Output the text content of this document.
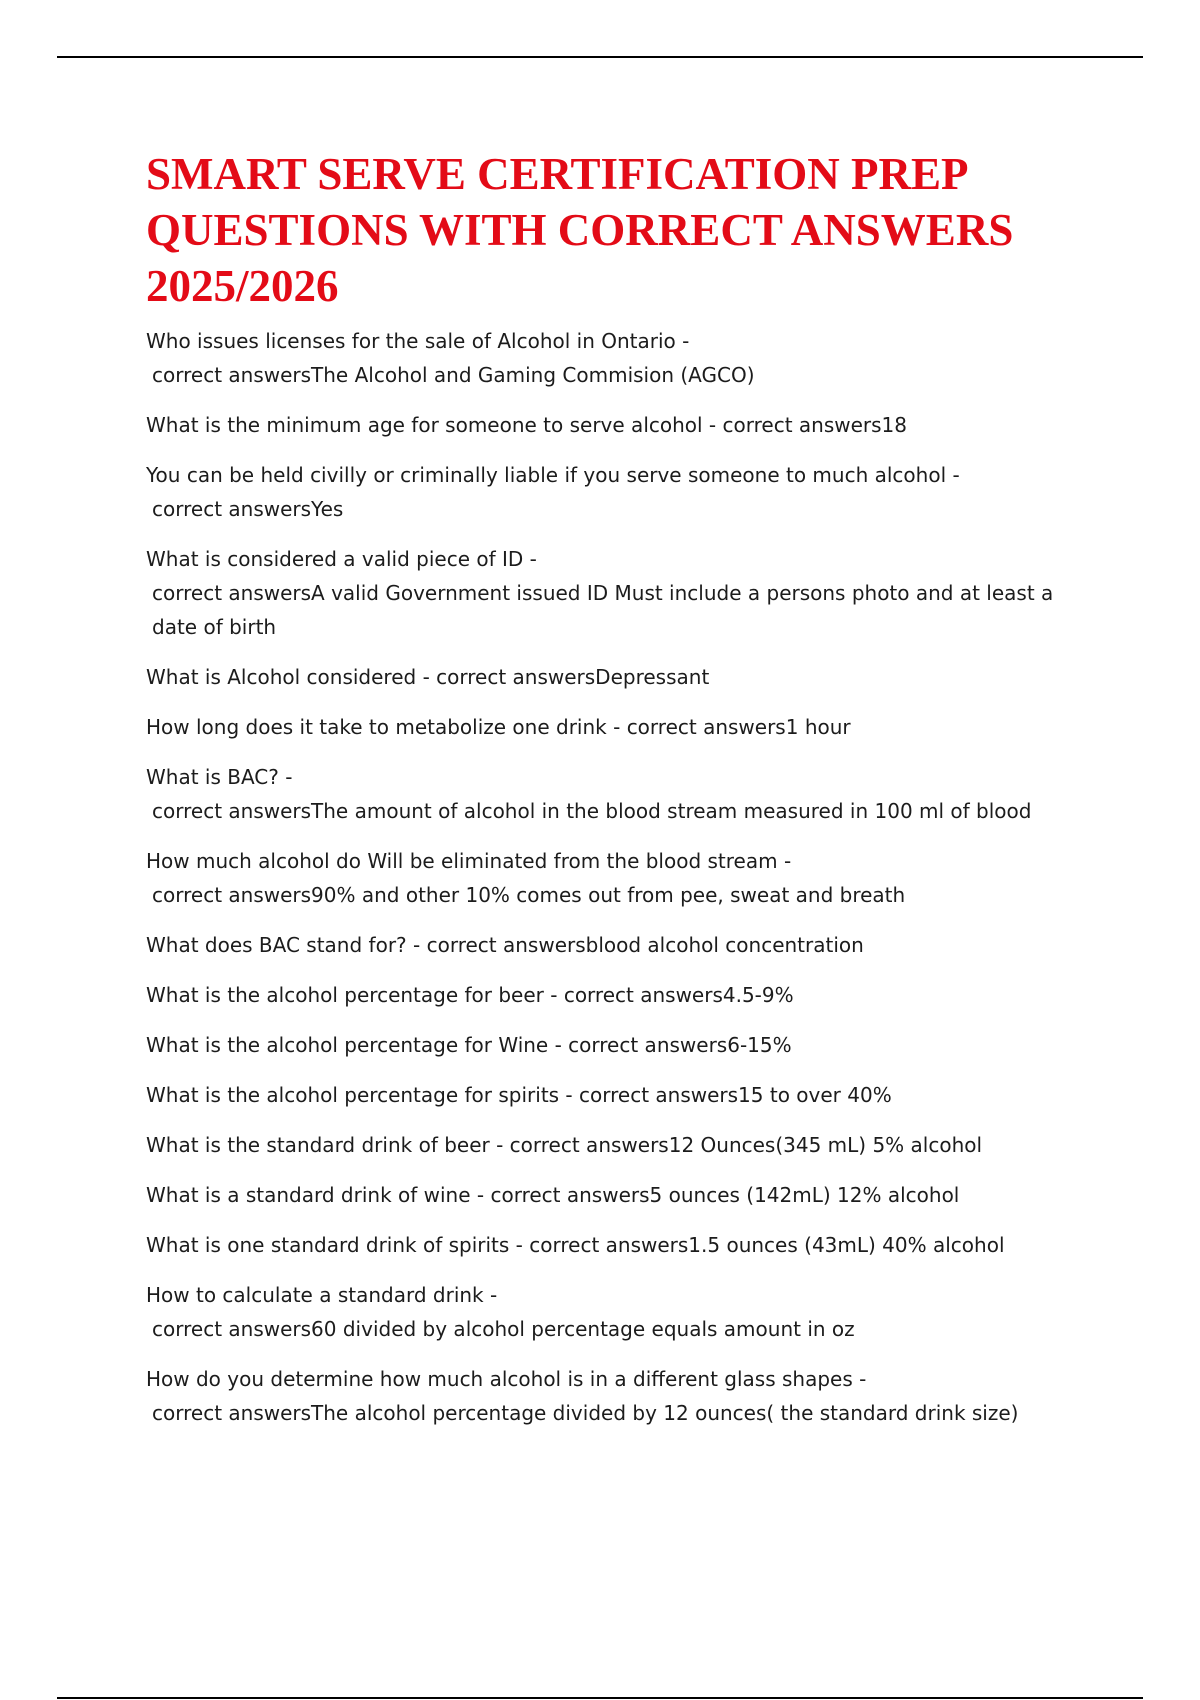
SMART SERVE CERTIFICATION PREP QUESTIONS WITH CORRECT ANSWERS 2025/2026
Who issues licenses for the sale of Alcohol in Ontario -
correct answersThe Alcohol and Gaming Commision (AGCO)
What is the minimum age for someone to serve alcohol - correct answers18
You can be held civilly or criminally liable if you serve someone to much alcohol -
correct answersYes
What is considered a valid piece of ID -
correct answersA valid Government issued ID Must include a persons photo and at least a date of birth
What is Alcohol considered - correct answersDepressant
How long does it take to metabolize one drink - correct answers1 hour
What is BAC? -
correct answersThe amount of alcohol in the blood stream measured in 100 ml of blood
How much alcohol do Will be eliminated from the blood stream -
correct answers90% and other 10% comes out from pee, sweat and breath
What does BAC stand for? - correct answersblood alcohol concentration
What is the alcohol percentage for beer - correct answers4.5-9%
What is the alcohol percentage for Wine - correct answers6-15%
What is the alcohol percentage for spirits - correct answers15 to over 40%
What is the standard drink of beer - correct answers12 Ounces(345 mL) 5% alcohol
What is a standard drink of wine - correct answers5 ounces (142mL) 12% alcohol
What is one standard drink of spirits - correct answers1.5 ounces (43mL) 40% alcohol
How to calculate a standard drink -
correct answers60 divided by alcohol percentage equals amount in oz
How do you determine how much alcohol is in a different glass shapes -
correct answersThe alcohol percentage divided by 12 ounces( the standard drink size)
